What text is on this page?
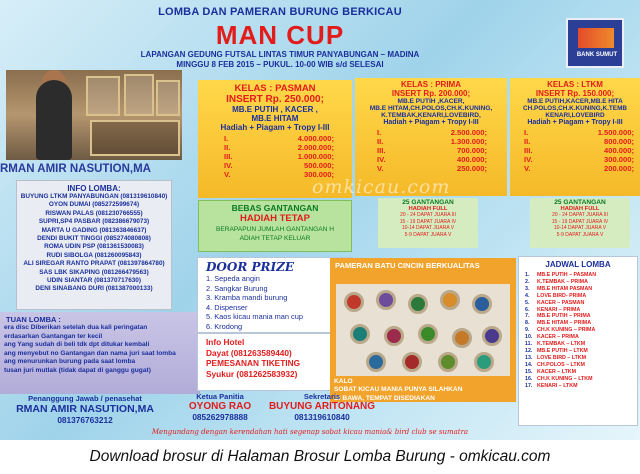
LOMBA DAN PAMERAN BURUNG BERKICAU
MAN CUP
LAPANGAN GEDUNG FUTSAL LINTAS TIMUR PANYABUNGAN – MADINA
MINGGU 8 FEB 2015 – PUKUL. 10-00 WIB s/d SELESAI
BANK SUMUT
RMAN AMIR NASUTION,MA
INFO LOMBA:
BUYUNG LTKM PANYABUNGAN (081319610840)
OYON DUMAI (085272599674)
RISWAN PALAS (081230766555)
SUPRI,SP4 PASBAR (082386679073)
MARTA U GADING (081363846637)
DENDI BUKIT TINGGI (085274080808)
ROMA UDIN PSP (081361530083)
RUDI SIBOLGA (081260095843)
ALI SIREGAR RANTO PRAPAT (081397864780)
SAS LBK SIKAPING (081266479563)
UDIN SIANTAR (081370717630)
DENI SINABANG DURI (081387000133)
TUAN LOMBA :
era disc Diberikan setelah dua kali peringatan
erdasarkan Gantangan ter kecil
ang Yang sudah di beli tdk dpt ditukar kembali
ang menyebut no Gantangan dan nama juri saat lomba
ang menurunkan burung pada saat lomba
tusan juri mutlak (tidak dapat di ganggu gugat)
KELAS : PASMAN
INSERT Rp. 250.000;
MB.E PUTIH , KACER ,
MB.E HITAM
Hadiah + Piagam + Tropy I-III
I.	4.000.000;
II.	2.000.000;
III.	1.000.000;
IV.	500.000;
V.	300.000;
KELAS : PRIMA
INSERT Rp. 200.000;
MB.E PUTIH ,KACER,
MB.E HITAM,CH.POLOS,CH.K.KUNING,
K.TEMBAK,KENARI,LOVEBIRD,
Hadiah + Piagam + Tropy I-III
I.	2.500.000;
II.	1.300.000;
III.	700.000;
IV.	400.000;
V.	250.000;
KELAS : LTKM
INSERT Rp. 150.000;
MB.E PUTIH,KACER,MB.E HITA
CH.POLOS,CH.K.KUNING,K.TEMB
KENARI,LOVEBIRD
Hadiah + Piagam + Tropy I-III
I.	1.500.000;
II.	800.000;
III.	400.000;
IV.	300.000;
V.	200.000;
omkicau.com
BEBAS GANTANGAN
HADIAH TETAP
BERAPAPUN JUMLAH GANTANGAN H ADIAH TETAP KELUAR
25 GANTANGAN
HADIAH FULL
20 - 24 DAPAT JUARA III
15 - 19 DAPAT JUARA IV
10-14 DAPAT JUARA V
5-9 DAPAT JUARA V
25 GANTANGAN
HADIAH FULL
20 - 24 DAPAT JUARA III
15 - 19 DAPAT JUARA IV
10-14 DAPAT JUARA V
5-9 DAPAT JUARA V
DOOR PRIZE
1. Sepeda angin
2. Sangkar Burung
3. Kramba mandi burung
4. Dispenser
5. Kaos kicau mania man cup
6. Krodong
Info Hotel
Dayat (081263589440)
PEMESANAN TIKETING
Syukur (081262583932)
PAMERAN BATU CINCIN BERKUALITAS
KALO
SOBAT KICAU MANIA PUNYA SILAHKAN
DI BAWA, TEMPAT DISEDIAKAN
JADWAL LOMBA
1. MB.E PUTIH – PASMAN
2. K.TEMBAK – PRIMA
3. MB.E HITAM PASMAN
4. LOVE BIRD- PRIMA
5. KACER – PASMAN
6. KENARI – PRIMA
7. MB.E PUTIH – PRIMA
8. MB.E HITAM – PRIMA
9. CH.K KUNING – PRIMA
10. KACER – PRIMA
11. K.TEMBAK – LTKM
12. MB.E PUTIH – LTKM
13. LOVE BIRD – LTKM
14. CH.POLOS – LTKM
15. KACER – LTKM
16. CH.K KUNING – LTKM
17. KENARI – LTKM
Penanggung Jawab / penasehat
RMAN AMIR NASUTION,MA
081376763212
Ketua Panitia
OYONG RAO
085262978888
Sekretaris
BUYUNG ARITONANG
081319610840
Mengundang dengan kerendahan hati segenap sobat kicau mania& bird club se sumatra
Download brosur di Halaman Brosur Lomba Burung - omkicau.com
